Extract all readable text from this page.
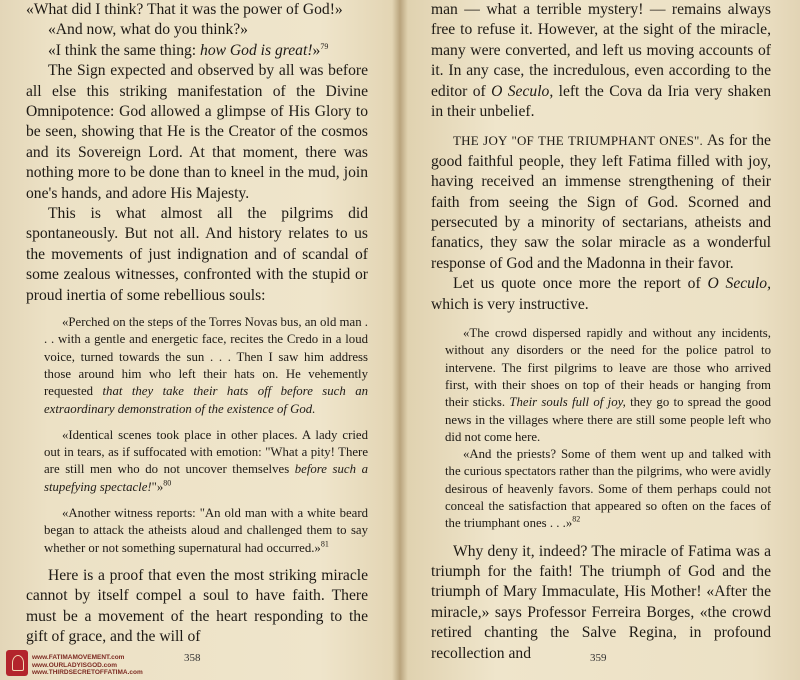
«What did I think? That it was the power of God!»

«And now, what do you think?»

«I think the same thing: how God is great!»$^{79}$

The Sign expected and observed by all was before all else this striking manifestation of the Divine Omnipotence: God allowed a glimpse of His Glory to be seen, showing that He is the Creator of the cosmos and its Sovereign Lord. At that moment, there was nothing more to be done than to kneel in the mud, join one's hands, and adore His Majesty.

This is what almost all the pilgrims did spontaneously. But not all. And history relates to us the movements of just indignation and of scandal of some zealous witnesses, confronted with the stupid or proud inertia of some rebellious souls:

«Perched on the steps of the Torres Novas bus, an old man . . . with a gentle and energetic face, recites the Credo in a loud voice, turned towards the sun . . . Then I saw him address those around him who left their hats on. He vehemently requested that they take their hats off before such an extraordinary demonstration of the existence of God.

«Identical scenes took place in other places. A lady cried out in tears, as if suffocated with emotion: "What a pity! There are still men who do not uncover themselves before such a stupefying spectacle!"»$^{80}$

«Another witness reports: "An old man with a white beard began to attack the atheists aloud and challenged them to say whether or not something supernatural had occurred.»$^{81}$

Here is a proof that even the most striking miracle cannot by itself compel a soul to have faith. There must be a movement of the heart responding to the gift of grace, and the will of

man — what a terrible mystery! — remains always free to refuse it. However, at the sight of the miracle, many were converted, and left us moving accounts of it. In any case, the incredulous, even according to the editor of O Seculo, left the Cova da Iria very shaken in their unbelief.

THE JOY "OF THE TRIUMPHANT ONES". As for the good faithful people, they left Fatima filled with joy, having received an immense strengthening of their faith from seeing the Sign of God. Scorned and persecuted by a minority of sectarians, atheists and fanatics, they saw the solar miracle as a wonderful response of God and the Madonna in their favor.

Let us quote once more the report of O Seculo, which is very instructive.

«The crowd dispersed rapidly and without any incidents, without any disorders or the need for the police patrol to intervene. The first pilgrims to leave are those who arrived first, with their shoes on top of their heads or hanging from their sticks. Their souls full of joy, they go to spread the good news in the villages where there are still some people left who did not come here.

«And the priests? Some of them went up and talked with the curious spectators rather than the pilgrims, who were avidly desirous of heavenly favors. Some of them perhaps could not conceal the satisfaction that appeared so often on the faces of the triumphant ones . . .»$^{82}$

Why deny it, indeed? The miracle of Fatima was a triumph for the faith! The triumph of God and the triumph of Mary Immaculate, His Mother! «After the miracle,» says Professor Ferreira Borges, «the crowd retired chanting the Salve Regina, in profound recollection and

www.FATIMAMOVEMENT.com
www.OURLADYISGOD.com
www.THIRDSECRETOFFATIMA.com
358	359
